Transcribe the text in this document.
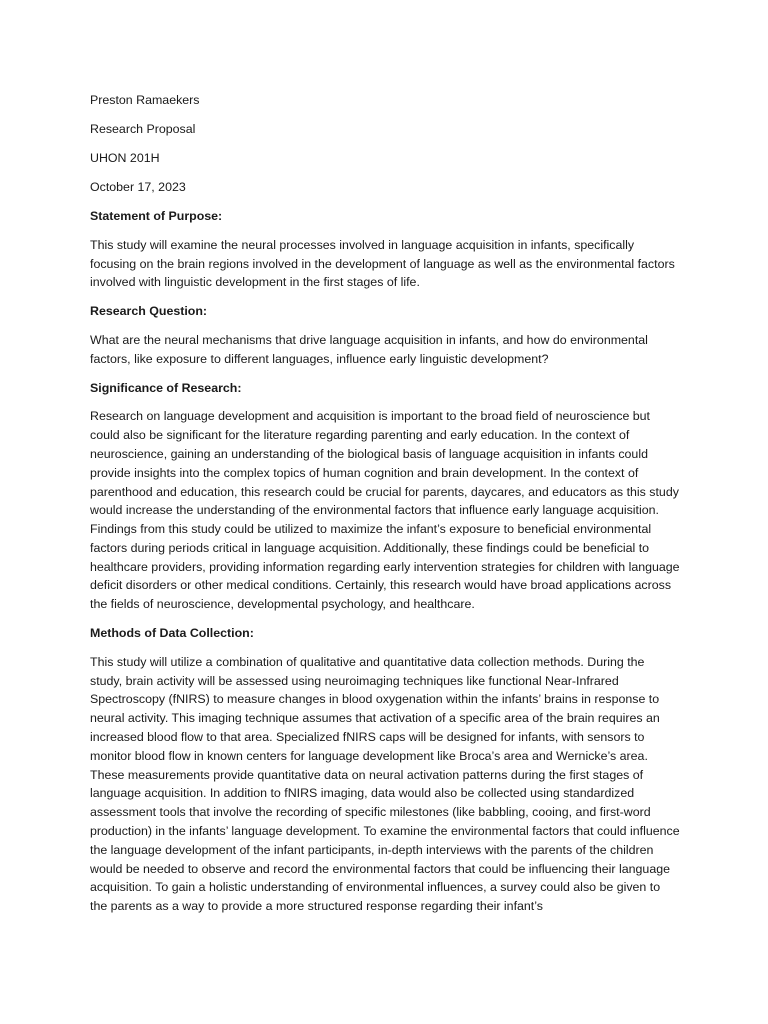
Preston Ramaekers

Research Proposal

UHON 201H

October 17, 2023

Statement of Purpose:

This study will examine the neural processes involved in language acquisition in infants, specifically focusing on the brain regions involved in the development of language as well as the environmental factors involved with linguistic development in the first stages of life.

Research Question:

What are the neural mechanisms that drive language acquisition in infants, and how do environmental factors, like exposure to different languages, influence early linguistic development?

Significance of Research:

Research on language development and acquisition is important to the broad field of neuroscience but could also be significant for the literature regarding parenting and early education. In the context of neuroscience, gaining an understanding of the biological basis of language acquisition in infants could provide insights into the complex topics of human cognition and brain development. In the context of parenthood and education, this research could be crucial for parents, daycares, and educators as this study would increase the understanding of the environmental factors that influence early language acquisition. Findings from this study could be utilized to maximize the infant’s exposure to beneficial environmental factors during periods critical in language acquisition. Additionally, these findings could be beneficial to healthcare providers, providing information regarding early intervention strategies for children with language deficit disorders or other medical conditions. Certainly, this research would have broad applications across the fields of neuroscience, developmental psychology, and healthcare.

Methods of Data Collection:

This study will utilize a combination of qualitative and quantitative data collection methods. During the study, brain activity will be assessed using neuroimaging techniques like functional Near-Infrared Spectroscopy (fNIRS) to measure changes in blood oxygenation within the infants’ brains in response to neural activity. This imaging technique assumes that activation of a specific area of the brain requires an increased blood flow to that area. Specialized fNIRS caps will be designed for infants, with sensors to monitor blood flow in known centers for language development like Broca’s area and Wernicke’s area. These measurements provide quantitative data on neural activation patterns during the first stages of language acquisition. In addition to fNIRS imaging, data would also be collected using standardized assessment tools that involve the recording of specific milestones (like babbling, cooing, and first-word production) in the infants’ language development. To examine the environmental factors that could influence the language development of the infant participants, in-depth interviews with the parents of the children would be needed to observe and record the environmental factors that could be influencing their language acquisition. To gain a holistic understanding of environmental influences, a survey could also be given to the parents as a way to provide a more structured response regarding their infant’s
